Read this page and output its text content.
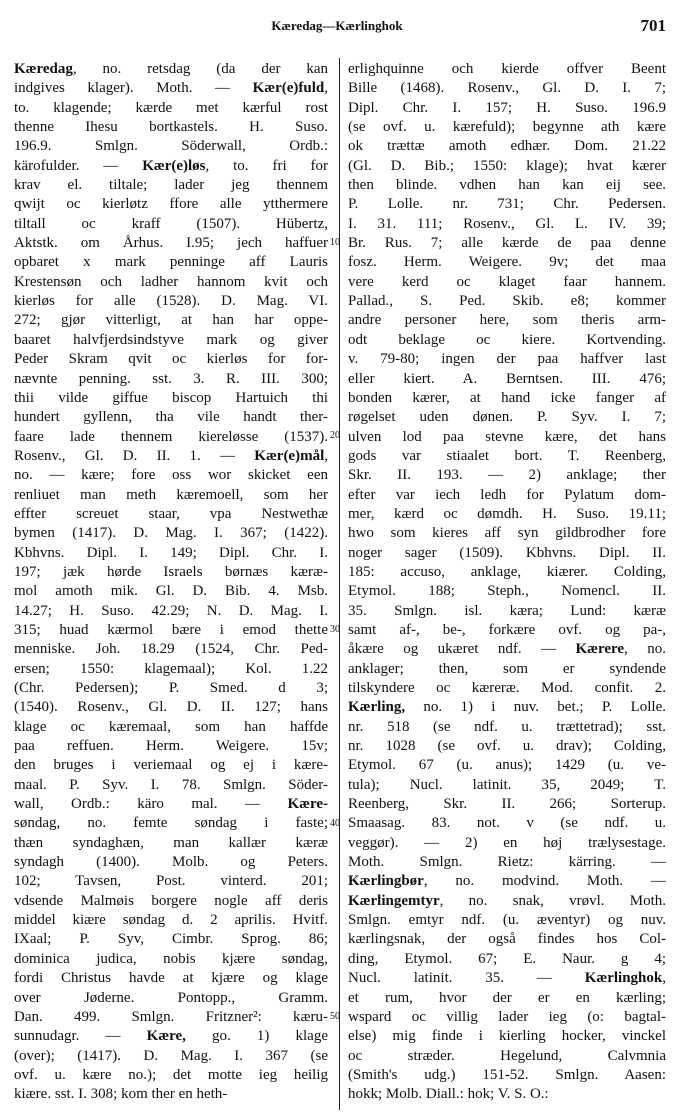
Kæredag—Kærlinghok	701
10
20
30
40
50
Kæredag, no. retsdag (da der kan
indgives klager). Moth. — Kær(e)fuld,
to. klagende; kærde met kærful rost
thenne Ihesu bortkastels. H. Suso.
196.9. Smlgn. Söderwall, Ordb.:
kärofulder. — Kær(e)løs, to. fri for
krav el. tiltale; lader jeg thennem
qwijt oc kierløtz ffore alle ytthermere
tiltall oc kraff (1507). Hübertz,
Aktstk. om Århus. I.95; jech haffuer
opbaret x mark penninge aff Lauris
Krestensøn och ladher hannom kvit och
kierløs for alle (1528). D. Mag. VI.
272; gjør vitterligt, at han har oppe-
baaret halvfjerdsindstyve mark og giver
Peder Skram qvit oc kierløs for for-
nævnte penning. sst. 3. R. III. 300;
thii vilde giffue biscop Hartuich thi
hundert gyllenn, tha vile handt ther-
faare lade thennem kiereløsse (1537).
Rosenv., Gl. D. II. 1. — Kær(e)mål,
no. — kære; fore oss wor skicket een
renliuet man meth kæremoell, som her
effter screuet staar, vpa Nestwethæ
bymen (1417). D. Mag. I. 367; (1422).
Kbhvns. Dipl. I. 149; Dipl. Chr. I.
197; jæk hørde Israels børnæs kæræ-
mol amoth mik. Gl. D. Bib. 4. Msb.
14.27; H. Suso. 42.29; N. D. Mag. I.
315; huad kærmol bære i emod thette
menniske. Joh. 18.29 (1524, Chr. Ped-
ersen; 1550: klagemaal); Kol. 1.22
(Chr. Pedersen); P. Smed. d 3;
(1540). Rosenv., Gl. D. II. 127; hans
klage oc kæremaal, som han haffde
paa reffuen. Herm. Weigere. 15v;
den bruges i veriemaal og ej i kære-
maal. P. Syv. I. 78. Smlgn. Söder-
wall, Ordb.: käro mal. — Kære-
søndag, no. femte søndag i faste;
thæn syndaghæn, man kallær kæræ
syndagh (1400). Molb. og Peters.
102; Tavsen, Post. vinterd. 201;
vdsende Malmøis borgere nogle aff deris
middel kiære søndag d. 2 aprilis. Hvitf.
IXaal; P. Syv, Cimbr. Sprog. 86;
dominica judica, nobis kjære søndag,
fordi Christus havde at kjære og klage
over Jøderne. Pontopp., Gramm.
Dan. 499. Smlgn. Fritzner²: kæru-
sunnudagr. — Kære, go. 1) klage
(over); (1417). D. Mag. I. 367 (se
ovf. u. kære no.); det motte ieg heilig
kiære. sst. I. 308; kom ther en heth-
erlighquinne och kierde offver Beent
Bille (1468). Rosenv., Gl. D. I. 7;
Dipl. Chr. I. 157; H. Suso. 196.9
(se ovf. u. kærefuld); begynne ath kære
ok trættæ amoth edhær. Dom. 21.22
(Gl. D. Bib.; 1550: klage); hvat kærer
then blinde. vdhen han kan eij see.
P. Lolle. nr. 731; Chr. Pedersen.
I. 31. 111; Rosenv., Gl. L. IV. 39;
Br. Rus. 7; alle kærde de paa denne
fosz. Herm. Weigere. 9v; det maa
vere kerd oc klaget faar hannem.
Pallad., S. Ped. Skib. e8; kommer
andre personer here, som theris arm-
odt beklage oc kiere. Kortvending.
v. 79-80; ingen der paa haffver last
eller kiert. A. Berntsen. III. 476;
bonden kærer, at hand icke fanger af
røgelset uden dønen. P. Syv. I. 7;
ulven lod paa stevne kære, det hans
gods var stiaalet bort. T. Reenberg,
Skr. II. 193. — 2) anklage; ther
efter var iech ledh for Pylatum dom-
mer, kærd oc dømdh. H. Suso. 19.11;
hwo som kieres aff syn gildbrodher fore
noger sager (1509). Kbhvns. Dipl. II.
185: accuso, anklage, kiærer. Colding,
Etymol. 188; Steph., Nomencl. II.
35. Smlgn. isl. kæra; Lund: kæræ
samt af-, be-, forkære ovf. og pa-,
åkære og ukæret ndf. — Kærere, no.
anklager; then, som er syndende
tilskyndere oc kæreræ. Mod. confit. 2.
Kærling, no. 1) i nuv. bet.; P. Lolle.
nr. 518 (se ndf. u. trættetrad); sst.
nr. 1028 (se ovf. u. drav); Colding,
Etymol. 67 (u. anus); 1429 (u. ve-
tula); Nucl. latinit. 35, 2049; T.
Reenberg, Skr. II. 266; Sorterup.
Smaasag. 83. not. v (se ndf. u.
veggør). — 2) en høj trælysestage.
Moth. Smlgn. Rietz: kärring. —
Kærlingbør, no. modvind. Moth. —
Kærlingemtyr, no. snak, vrøvl. Moth.
Smlgn. emtyr ndf. (u. æventyr) og nuv.
kærlingsnak, der også findes hos Col-
ding, Etymol. 67; E. Naur. g 4;
Nucl. latinit. 35. — Kærlinghok,
et rum, hvor der er en kærling;
wspard oc villig lader ieg (o: bagtal-
else) mig finde i kierling hocker, vinckel
oc stræder. Hegelund, Calvmnia
(Smith's udg.) 151-52. Smlgn. Aasen:
hokk; Molb. Diall.: hok; V. S. O.:
